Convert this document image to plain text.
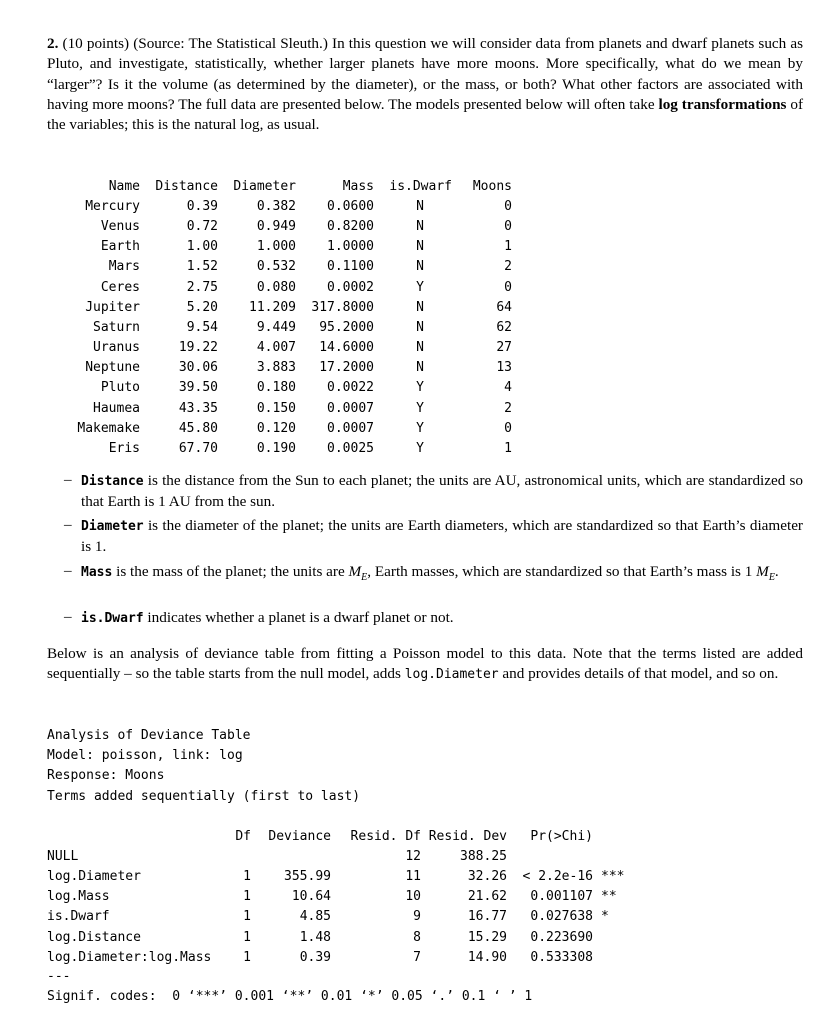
2. (10 points) (Source: The Statistical Sleuth.) In this question we will consider data from planets and dwarf planets such as Pluto, and investigate, statistically, whether larger planets have more moons. More specifically, what do we mean by “larger”? Is it the volume (as determined by the diameter), or the mass, or both? What other factors are associated with having more moons? The full data are presented below. The models presented below will often take log transformations of the variables; this is the natural log, as usual.
Name	Distance	Diameter	Mass	is.Dwarf	Moons
Mercury	0.39	0.382	0.0600	N	0
Venus	0.72	0.949	0.8200	N	0
Earth	1.00	1.000	1.0000	N	1
Mars	1.52	0.532	0.1100	N	2
Ceres	2.75	0.080	0.0002	Y	0
Jupiter	5.20	11.209	317.8000	N	64
Saturn	9.54	9.449	95.2000	N	62
Uranus	19.22	4.007	14.6000	N	27
Neptune	30.06	3.883	17.2000	N	13
Pluto	39.50	0.180	0.0022	Y	4
Haumea	43.35	0.150	0.0007	Y	2
Makemake	45.80	0.120	0.0007	Y	0
Eris	67.70	0.190	0.0025	Y	1
– Distance is the distance from the Sun to each planet; the units are AU, astronomical units, which are standardized so that Earth is 1 AU from the sun.
– Diameter is the diameter of the planet; the units are Earth diameters, which are standardized so that Earth’s diameter is 1.
– Mass is the mass of the planet; the units are $M_E$, Earth masses, which are standardized so that Earth’s mass is 1 $M_E$.
– is.Dwarf indicates whether a planet is a dwarf planet or not.
Below is an analysis of deviance table from fitting a Poisson model to this data. Note that the terms listed are added sequentially – so the table starts from the null model, adds log.Diameter and provides details of that model, and so on.
Analysis of Deviance Table
Model: poisson, link: log
Response: Moons
Terms added sequentially (first to last)
	Df	Deviance	Resid. Df	Resid. Dev	Pr(>Chi)	
NULL			12	388.25		
log.Diameter	1	355.99	11	32.26	< 2.2e-16	***
log.Mass	1	10.64	10	21.62	0.001107	**
is.Dwarf	1	4.85	9	16.77	0.027638	*
log.Distance	1	1.48	8	15.29	0.223690	
log.Diameter:log.Mass	1	0.39	7	14.90	0.533308	
---
Signif. codes:  0 ‘***’ 0.001 ‘**’ 0.01 ‘*’ 0.05 ‘.’ 0.1 ‘ ’ 1
